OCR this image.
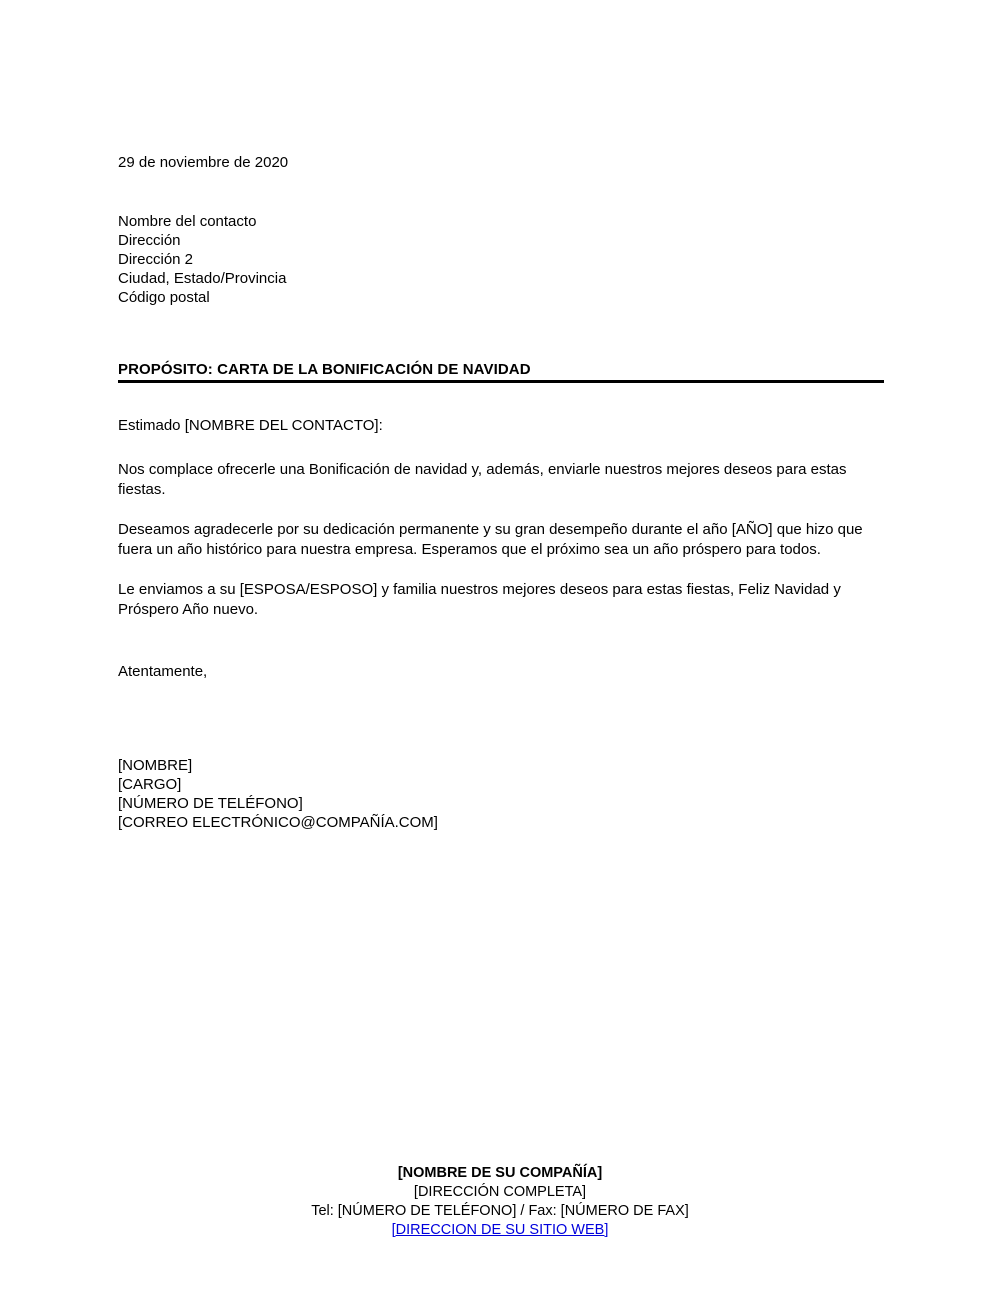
29 de noviembre de 2020
Nombre del contacto
Dirección
Dirección 2
Ciudad, Estado/Provincia
Código postal
PROPÓSITO: CARTA DE LA BONIFICACIÓN DE NAVIDAD
Estimado [NOMBRE DEL CONTACTO]:

Nos complace ofrecerle una Bonificación de navidad y, además, enviarle nuestros mejores deseos para estas fiestas.

Deseamos agradecerle por su dedicación permanente y su gran desempeño durante el año [AÑO] que hizo que fuera un año histórico para nuestra empresa. Esperamos que el próximo sea un año próspero para todos.

Le enviamos a su [ESPOSA/ESPOSO] y familia nuestros mejores deseos para estas fiestas, Feliz Navidad y Próspero Año nuevo.

Atentamente,
[NOMBRE]
[CARGO]
[NÚMERO DE TELÉFONO]
[CORREO ELECTRÓNICO@COMPAÑÍA.COM]
[NOMBRE DE SU COMPAÑÍA]
[DIRECCIÓN COMPLETA]
Tel: [NÚMERO DE TELÉFONO] / Fax: [NÚMERO DE FAX]
[DIRECCION DE SU SITIO WEB]
